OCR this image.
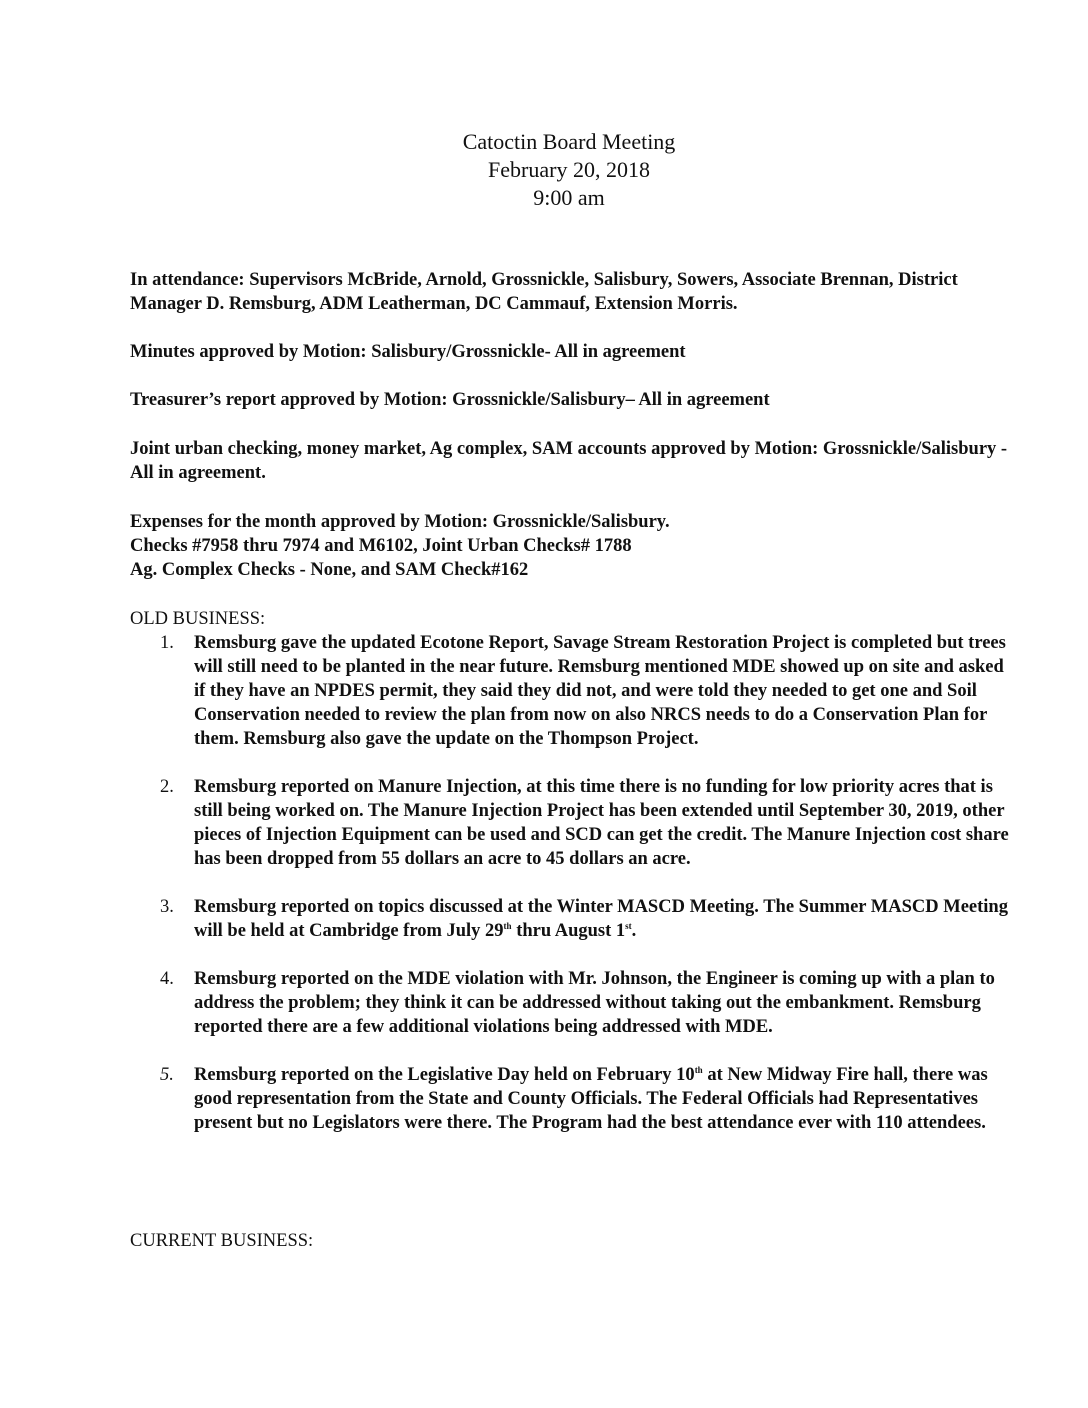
Catoctin Board Meeting
February 20, 2018
9:00 am

In attendance: Supervisors McBride, Arnold, Grossnickle, Salisbury, Sowers, Associate Brennan, District Manager D. Remsburg, ADM Leatherman, DC Cammauf, Extension Morris.

Minutes approved by Motion: Salisbury/Grossnickle- All in agreement

Treasurer’s report approved by Motion: Grossnickle/Salisbury– All in agreement

Joint urban checking, money market, Ag complex, SAM accounts approved by Motion: Grossnickle/Salisbury - All in agreement.

Expenses for the month approved by Motion: Grossnickle/Salisbury.

Checks #7958 thru 7974 and M6102, Joint Urban Checks# 1788

Ag. Complex Checks - None, and SAM Check#162

OLD BUSINESS:
1. Remsburg gave the updated Ecotone Report, Savage Stream Restoration Project is completed but trees will still need to be planted in the near future. Remsburg mentioned MDE showed up on site and asked if they have an NPDES permit, they said they did not, and were told they needed to get one and Soil Conservation needed to review the plan from now on also NRCS needs to do a Conservation Plan for them. Remsburg also gave the update on the Thompson Project.
2. Remsburg reported on Manure Injection, at this time there is no funding for low priority acres that is still being worked on. The Manure Injection Project has been extended until September 30, 2019, other pieces of Injection Equipment can be used and SCD can get the credit. The Manure Injection cost share has been dropped from 55 dollars an acre to 45 dollars an acre.
3. Remsburg reported on topics discussed at the Winter MASCD Meeting. The Summer MASCD Meeting will be held at Cambridge from July 29th thru August 1st.
4. Remsburg reported on the MDE violation with Mr. Johnson, the Engineer is coming up with a plan to address the problem; they think it can be addressed without taking out the embankment. Remsburg reported there are a few additional violations being addressed with MDE.
5. Remsburg reported on the Legislative Day held on February 10th at New Midway Fire hall, there was good representation from the State and County Officials. The Federal Officials had Representatives present but no Legislators were there. The Program had the best attendance ever with 110 attendees.
CURRENT BUSINESS:
